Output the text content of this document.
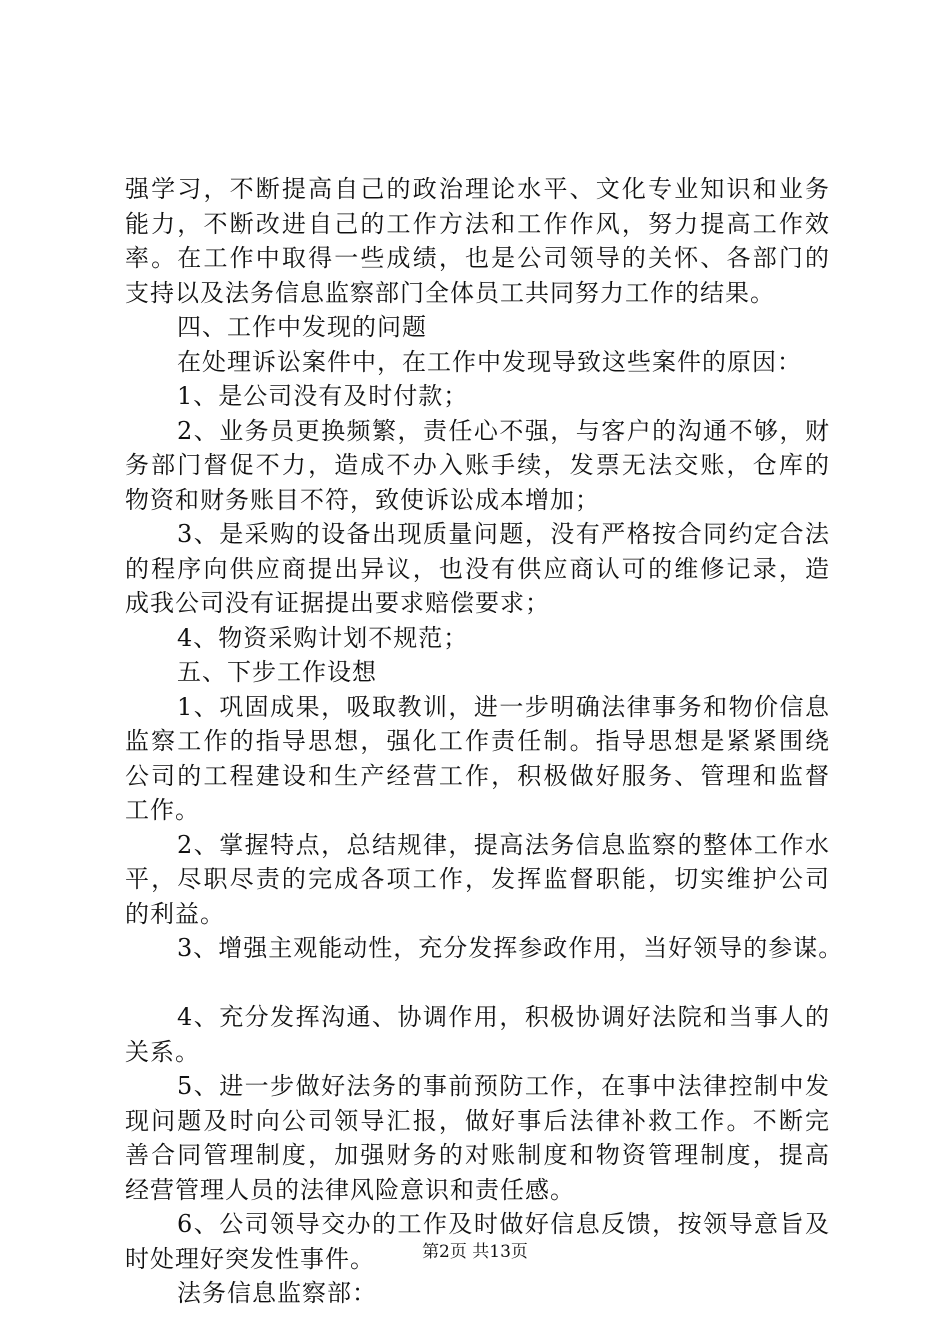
强学习，不断提高自己的政治理论水平、文化专业知识和业务
能力，不断改进自己的工作方法和工作作风，努力提高工作效
率。在工作中取得一些成绩，也是公司领导的关怀、各部门的
支持以及法务信息监察部门全体员工共同努力工作的结果。
四、工作中发现的问题
在处理诉讼案件中，在工作中发现导致这些案件的原因：
1、是公司没有及时付款；
2、业务员更换频繁，责任心不强，与客户的沟通不够，财
务部门督促不力，造成不办入账手续，发票无法交账，仓库的
物资和财务账目不符，致使诉讼成本增加；
3、是采购的设备出现质量问题，没有严格按合同约定合法
的程序向供应商提出异议，也没有供应商认可的维修记录，造
成我公司没有证据提出要求赔偿要求；
4、物资采购计划不规范；
五、下步工作设想
1、巩固成果，吸取教训，进一步明确法律事务和物价信息
监察工作的指导思想，强化工作责任制。指导思想是紧紧围绕
公司的工程建设和生产经营工作，积极做好服务、管理和监督
工作。
2、掌握特点，总结规律，提高法务信息监察的整体工作水
平，尽职尽责的完成各项工作，发挥监督职能，切实维护公司
的利益。
3、增强主观能动性，充分发挥参政作用，当好领导的参谋。
4、充分发挥沟通、协调作用，积极协调好法院和当事人的
关系。
5、进一步做好法务的事前预防工作，在事中法律控制中发
现问题及时向公司领导汇报，做好事后法律补救工作。不断完
善合同管理制度，加强财务的对账制度和物资管理制度，提高
经营管理人员的法律风险意识和责任感。
6、公司领导交办的工作及时做好信息反馈，按领导意旨及
时处理好突发性事件。
法务信息监察部：
第2页 共13页
